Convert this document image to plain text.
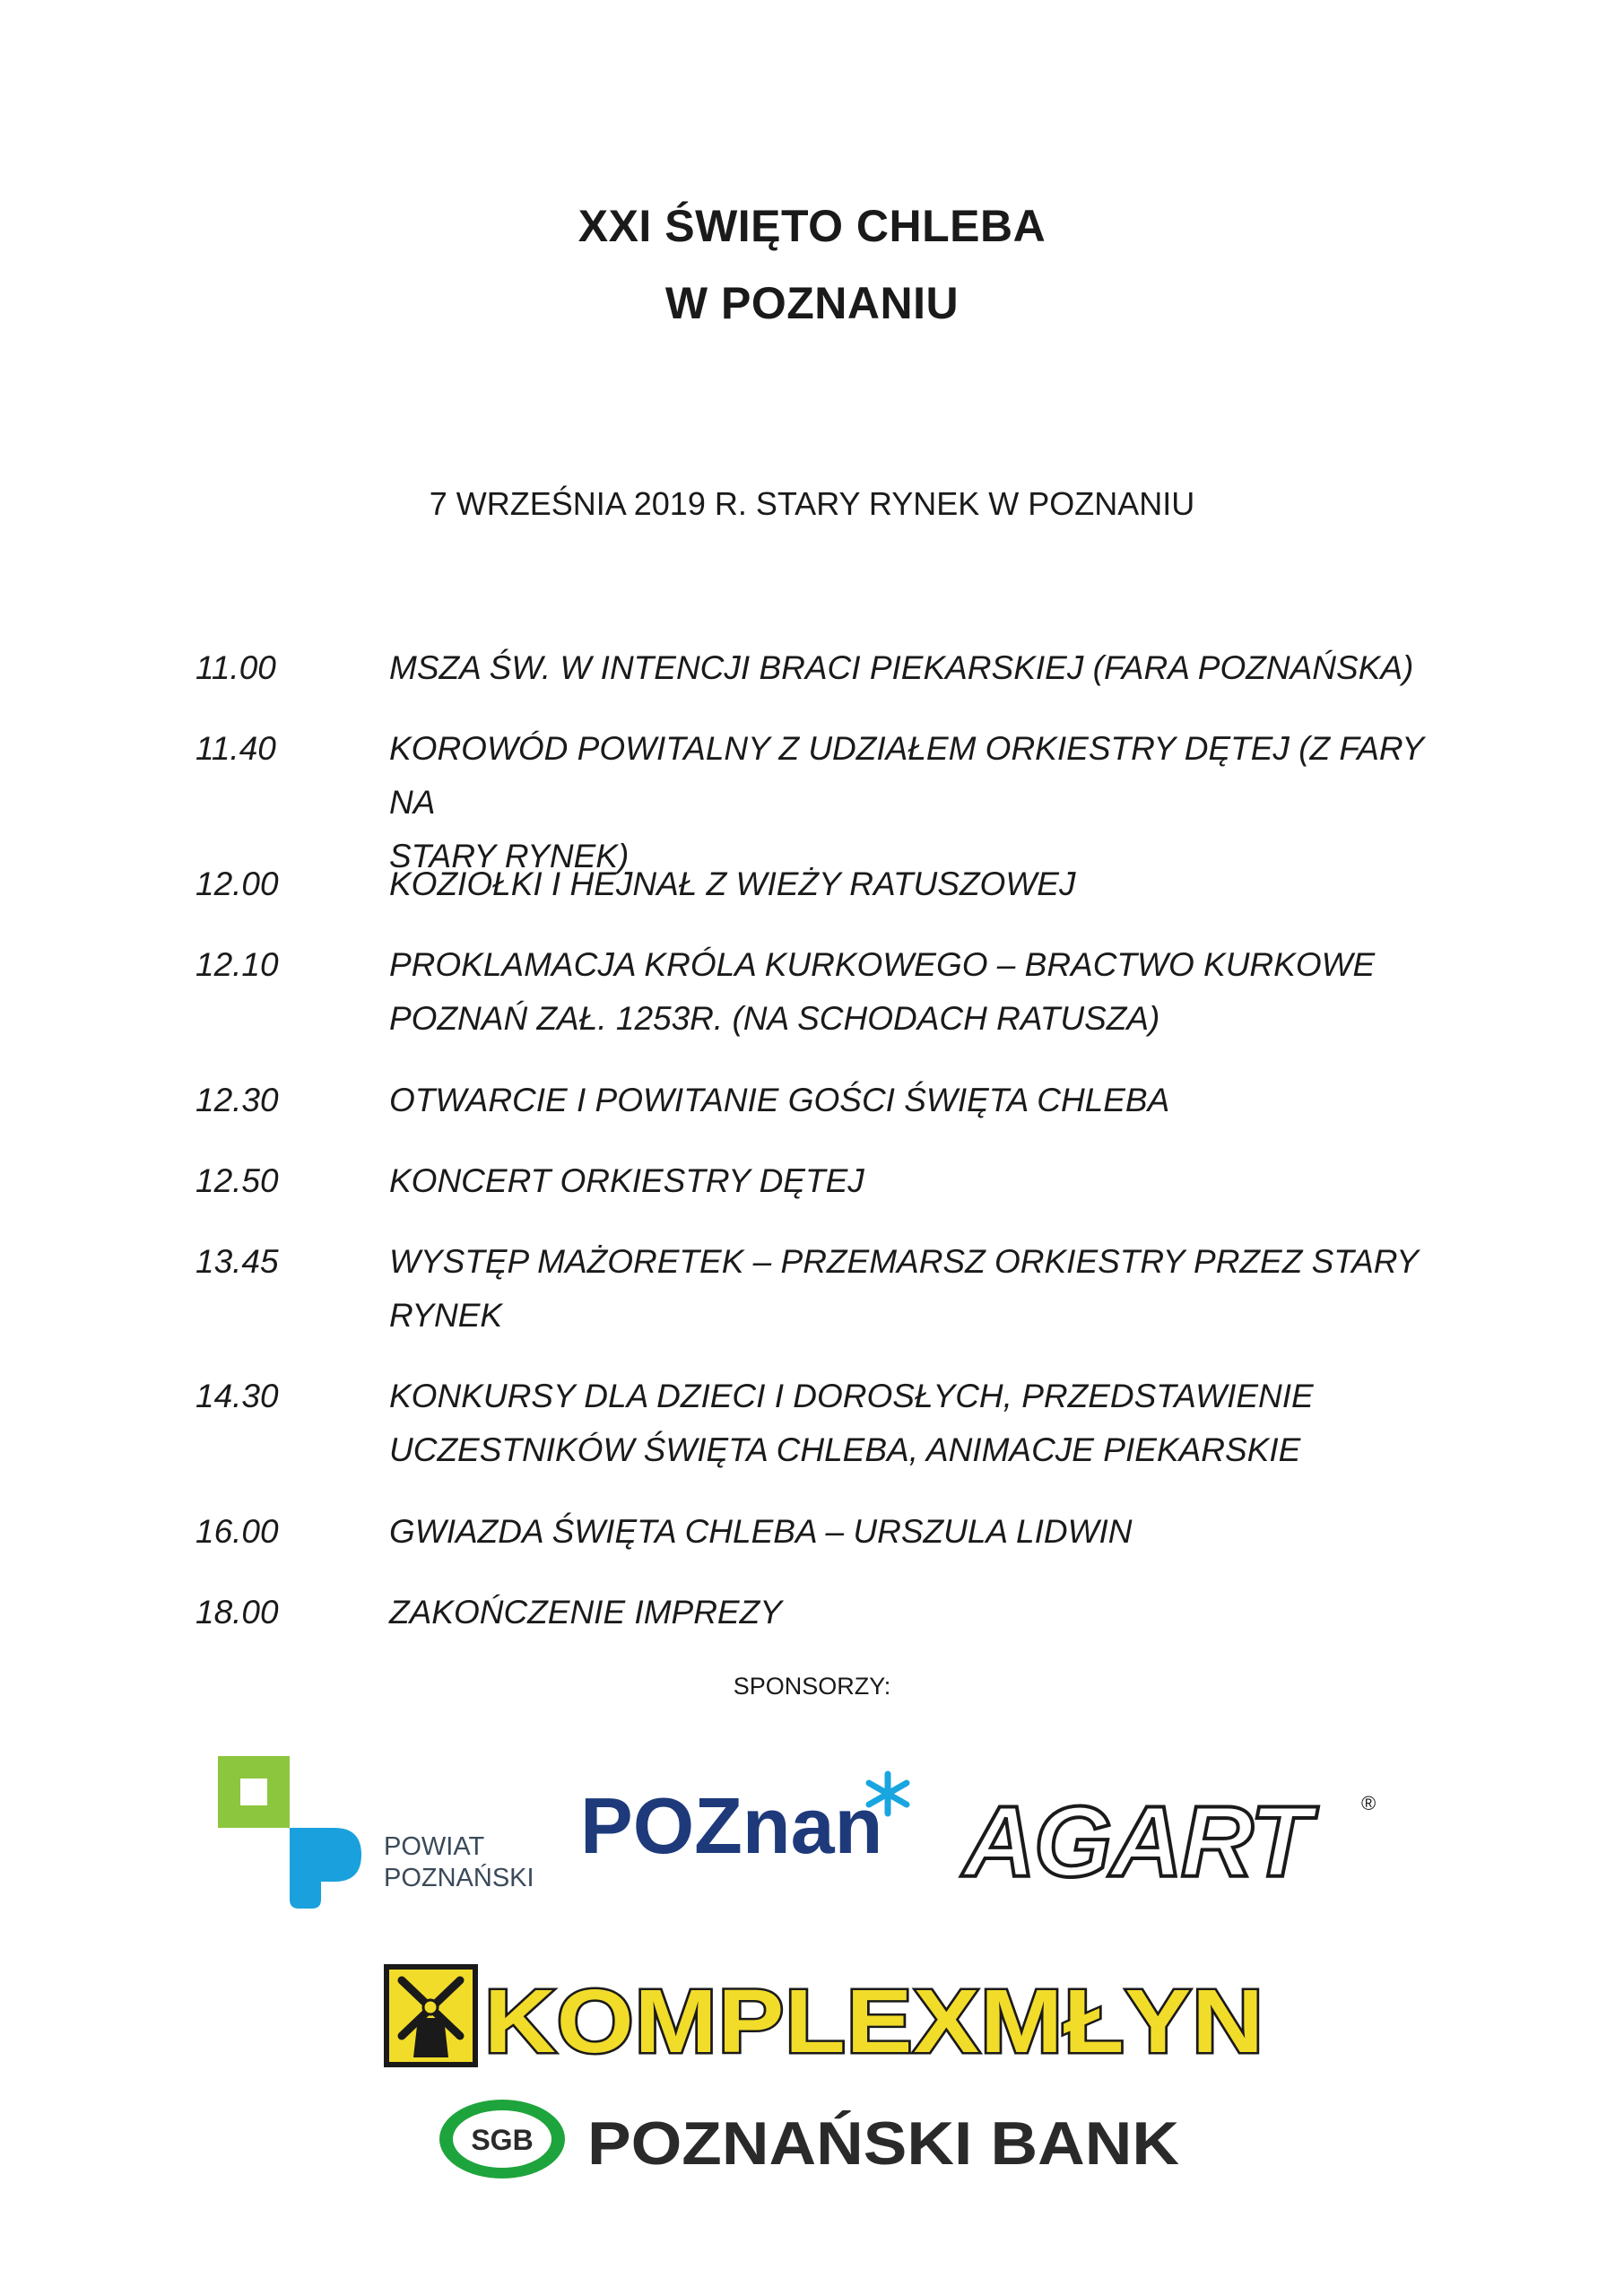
XXI ŚWIĘTO CHLEBA
W POZNANIU
7 WRZEŚNIA 2019 R. STARY RYNEK W POZNANIU
11.00	MSZA ŚW. W INTENCJI BRACI PIEKARSKIEJ (FARA POZNAŃSKA)
11.40	KOROWÓD POWITALNY Z UDZIAŁEM ORKIESTRY DĘTEJ (Z FARY NA
STARY RYNEK)
12.00	KOZIOŁKI I HEJNAŁ Z WIEŻY RATUSZOWEJ
12.10	PROKLAMACJA KRÓLA KURKOWEGO – BRACTWO KURKOWE
POZNAŃ ZAŁ. 1253R. (NA SCHODACH RATUSZA)
12.30	OTWARCIE I POWITANIE GOŚCI ŚWIĘTA CHLEBA
12.50	KONCERT ORKIESTRY DĘTEJ
13.45	WYSTĘP MAŻORETEK – PRZEMARSZ ORKIESTRY PRZEZ STARY
RYNEK
14.30	KONKURSY DLA DZIECI I DOROSŁYCH, PRZEDSTAWIENIE
UCZESTNIKÓW ŚWIĘTA CHLEBA, ANIMACJE PIEKARSKIE
16.00	GWIAZDA ŚWIĘTA CHLEBA – URSZULA LIDWIN
18.00	ZAKOŃCZENIE IMPREZY
SPONSORZY:
POWIAT
POZNAŃSKI
POZnan AGART	®
KOMPLEXMŁYN
SGB POZNAŃSKI BANK
